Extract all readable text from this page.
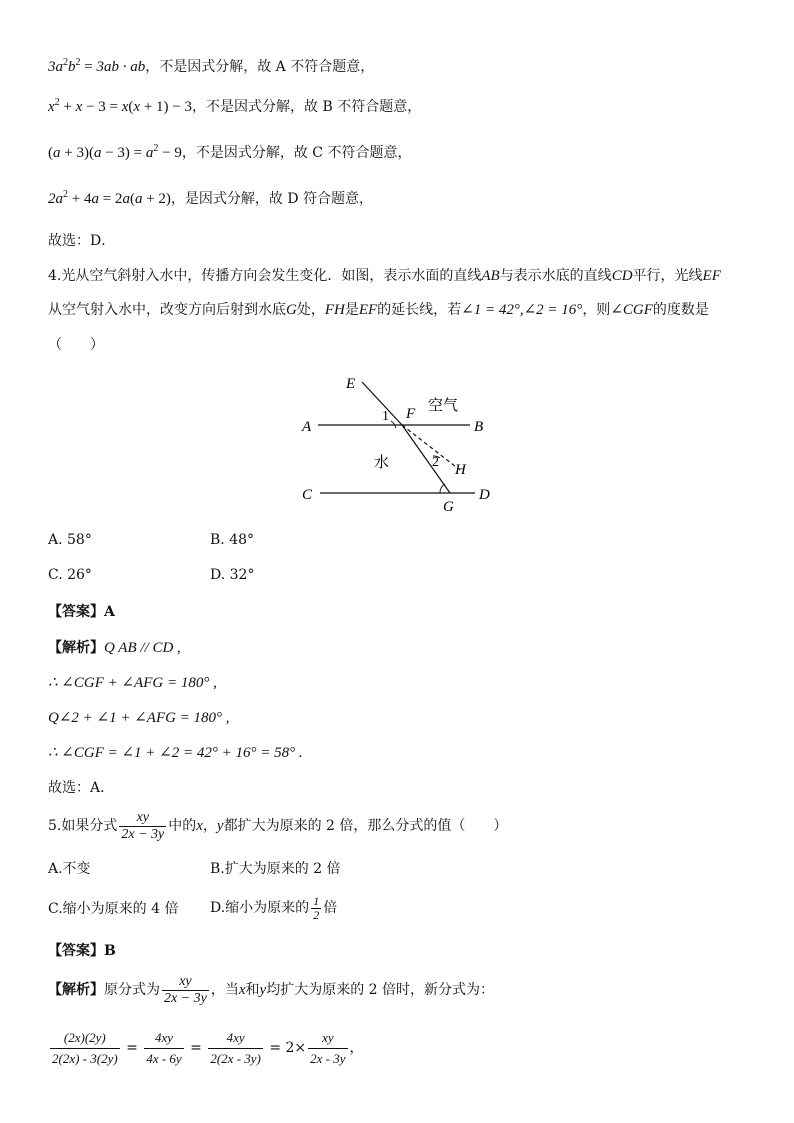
$3a^2b^2 = 3ab$ · ab，不是因式分解，故 A 不符合题意，
$x^2 + x - 3 = x(x + 1) - 3$，不是因式分解，故 B 不符合题意，
$(a + 3)(a - 3) = a^2 - 9$，不是因式分解，故 C 不符合题意，
$2a^2 + 4a = 2a(a + 2)$，是因式分解，故 D 符合题意，
故选：D．
4.光从空气斜射入水中，传播方向会发生变化．如图，表示水面的直线AB与表示水底的直线CD平行，光线EF
从空气射入水中，改变方向后射到水底G处，FH是EF的延长线，若∠1 = 42°,∠2 = 16°，则∠CGF的度数是
（　　）
E
F
A	B
C	D
G
H
1
2
空气
水
A. 58°	B. 48°
C. 26°	D. 32°
【答案】A
【解析】Q AB // CD ,
∴ ∠CGF + ∠AFG = 180° ,
Q∠2 + ∠1 + ∠AFG = 180° ,
∴ ∠CGF = ∠1 + ∠2 = 42° + 16° = 58° .
故选：A．
5.如果分式 $\frac{xy}{2x - 3y}$ 中的x，y都扩大为原来的 2 倍，那么分式的值（　　）
A.不变	B.扩大为原来的 2 倍
C.缩小为原来的 4 倍 D.缩小为原来的 $\frac{1}{2}$ 倍
【答案】B
【解析】原分式为 $\frac{xy}{2x - 3y}$ ，当x和y均扩大为原来的 2 倍时，新分式为：
$\frac{(2x)(2y)}{2(2x) - 3(2y)} = \frac{4xy}{4x - 6y} = \frac{4xy}{2(2x - 3y)} = 2\times \frac{xy}{2x - 3y}$ ，
